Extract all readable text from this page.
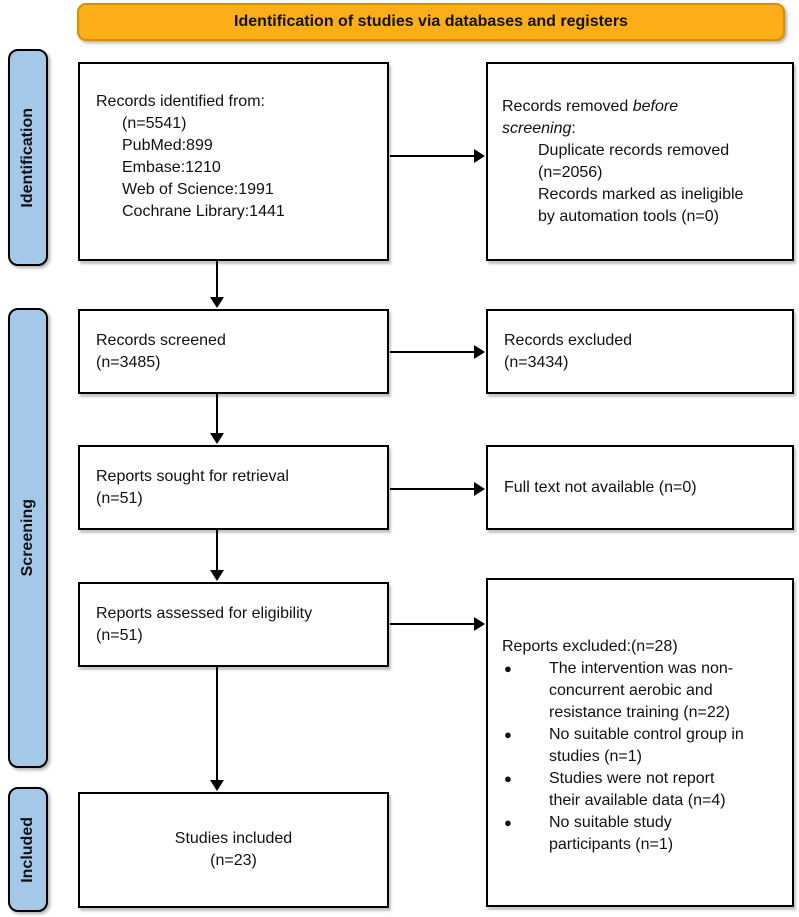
Identification of studies via databases and registers
Identification
Screening
Included
Records identified from:
(n=5541)
PubMed:899
Embase:1210
Web of Science:1991
Cochrane Library:1441
Records removed before
screening:
Duplicate records removed
(n=2056)
Records marked as ineligible
by automation tools (n=0)
Records screened
(n=3485)
Records excluded
(n=3434)
Reports sought for retrieval
(n=51)
Full text not available (n=0)
Reports assessed for eligibility
(n=51)
Reports excluded:(n=28)
●	The intervention was non-
concurrent aerobic and
resistance training (n=22)
●	No suitable control group in
studies (n=1)
●	Studies were not report
their available data (n=4)
●	No suitable study
participants (n=1)
Studies included
(n=23)
